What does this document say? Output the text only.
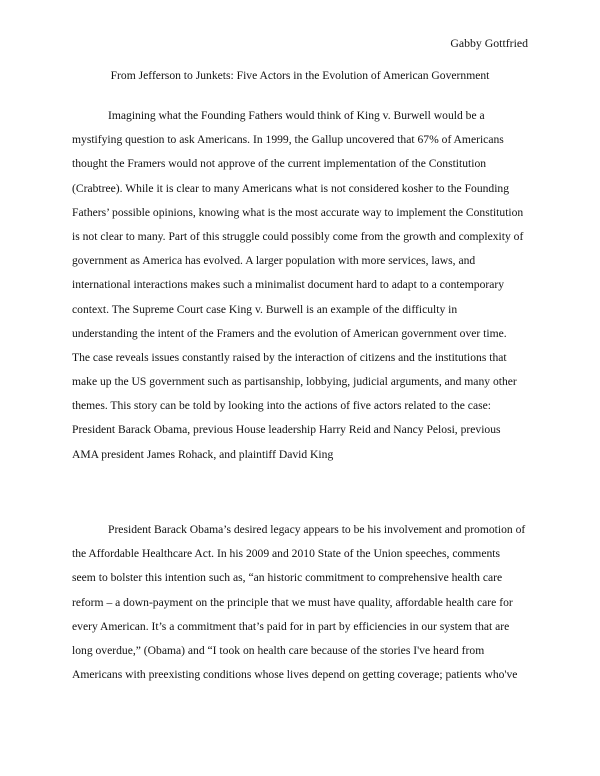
Gabby Gottfried
From Jefferson to Junkets: Five Actors in the Evolution of American Government
Imagining what the Founding Fathers would think of King v. Burwell would be a
mystifying question to ask Americans. In 1999, the Gallup uncovered that 67% of Americans
thought the Framers would not approve of the current implementation of the Constitution
(Crabtree). While it is clear to many Americans what is not considered kosher to the Founding
Fathers’ possible opinions, knowing what is the most accurate way to implement the Constitution
is not clear to many. Part of this struggle could possibly come from the growth and complexity of
government as America has evolved. A larger population with more services, laws, and
international interactions makes such a minimalist document hard to adapt to a contemporary
context. The Supreme Court case King v. Burwell is an example of the difficulty in
understanding the intent of the Framers and the evolution of American government over time.
The case reveals issues constantly raised by the interaction of citizens and the institutions that
make up the US government such as partisanship, lobbying, judicial arguments, and many other
themes. This story can be told by looking into the actions of five actors related to the case:
President Barack Obama, previous House leadership Harry Reid and Nancy Pelosi, previous
AMA president James Rohack, and plaintiff David King
President Barack Obama’s desired legacy appears to be his involvement and promotion of
the Affordable Healthcare Act. In his 2009 and 2010 State of the Union speeches, comments
seem to bolster this intention such as, “an historic commitment to comprehensive health care
reform – a down-payment on the principle that we must have quality, affordable health care for
every American. It’s a commitment that’s paid for in part by efficiencies in our system that are
long overdue,” (Obama) and “I took on health care because of the stories I've heard from
Americans with preexisting conditions whose lives depend on getting coverage; patients who've
